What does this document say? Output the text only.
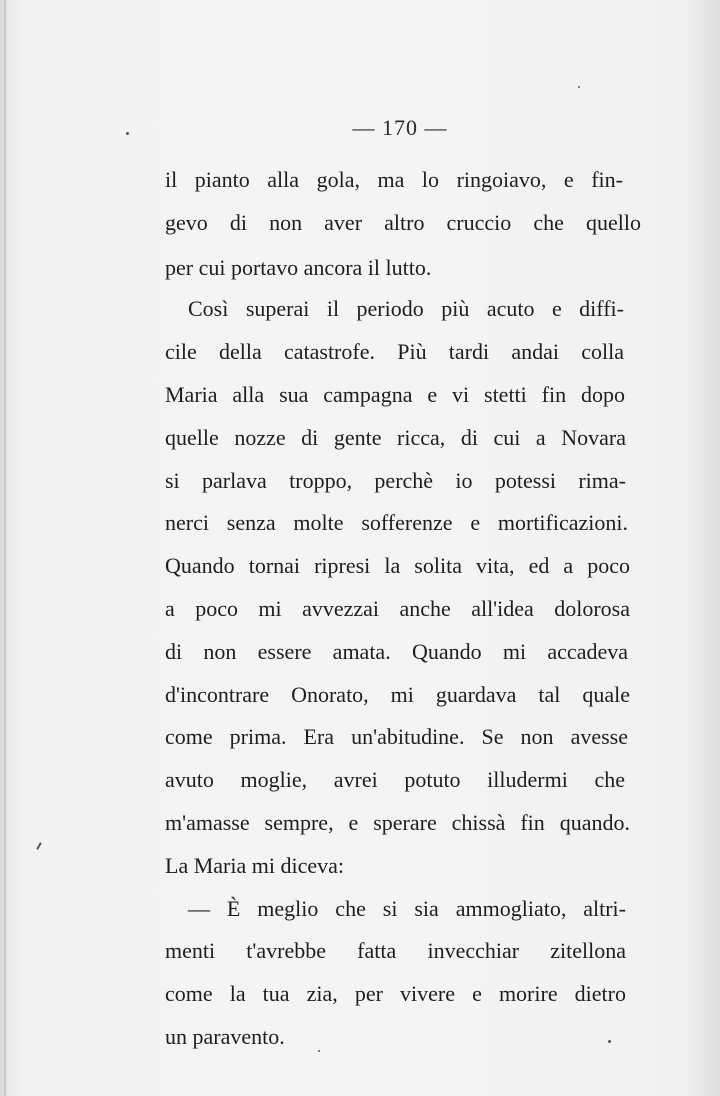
— 170 —
il pianto alla gola, ma lo ringoiavo, e fin-
gevo di non aver altro cruccio che quello
per cui portavo ancora il lutto.
Così superai il periodo più acuto e diffi-
cile della catastrofe. Più tardi andai colla
Maria alla sua campagna e vi stetti fin dopo
quelle nozze di gente ricca, di cui a Novara
si parlava troppo, perchè io potessi rima-
nerci senza molte sofferenze e mortificazioni.
Quando tornai ripresi la solita vita, ed a poco
a poco mi avvezzai anche all'idea dolorosa
di non essere amata. Quando mi accadeva
d'incontrare Onorato, mi guardava tal quale
come prima. Era un'abitudine. Se non avesse
avuto moglie, avrei potuto illudermi che
m'amasse sempre, e sperare chissà fin quando.
La Maria mi diceva:
— È meglio che si sia ammogliato, altri-
menti t'avrebbe fatta invecchiar zitellona
come la tua zia, per vivere e morire dietro
un paravento.
